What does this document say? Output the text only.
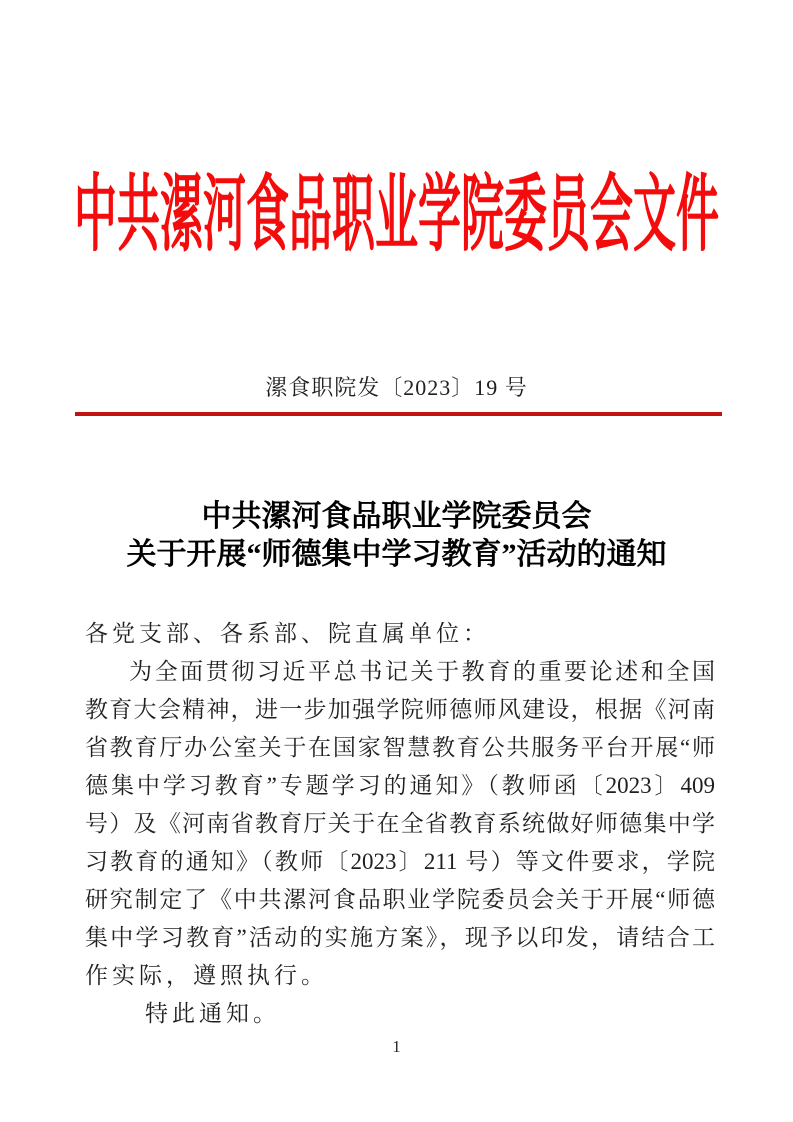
中共漯河食品职业学院委员会文件
漯食职院发〔2023〕19 号
中共漯河食品职业学院委员会
关于开展“师德集中学习教育”活动的通知
各党支部、各系部、院直属单位：
为全面贯彻习近平总书记关于教育的重要论述和全国
教育大会精神，进一步加强学院师德师风建设，根据《河南
省教育厅办公室关于在国家智慧教育公共服务平台开展“师
德集中学习教育”专题学习的通知》（教师函〔2023〕409
号）及《河南省教育厅关于在全省教育系统做好师德集中学
习教育的通知》（教师〔2023〕211 号）等文件要求，学院
研究制定了《中共漯河食品职业学院委员会关于开展“师德
集中学习教育”活动的实施方案》，现予以印发，请结合工
作实际，遵照执行。
特此通知。
1
